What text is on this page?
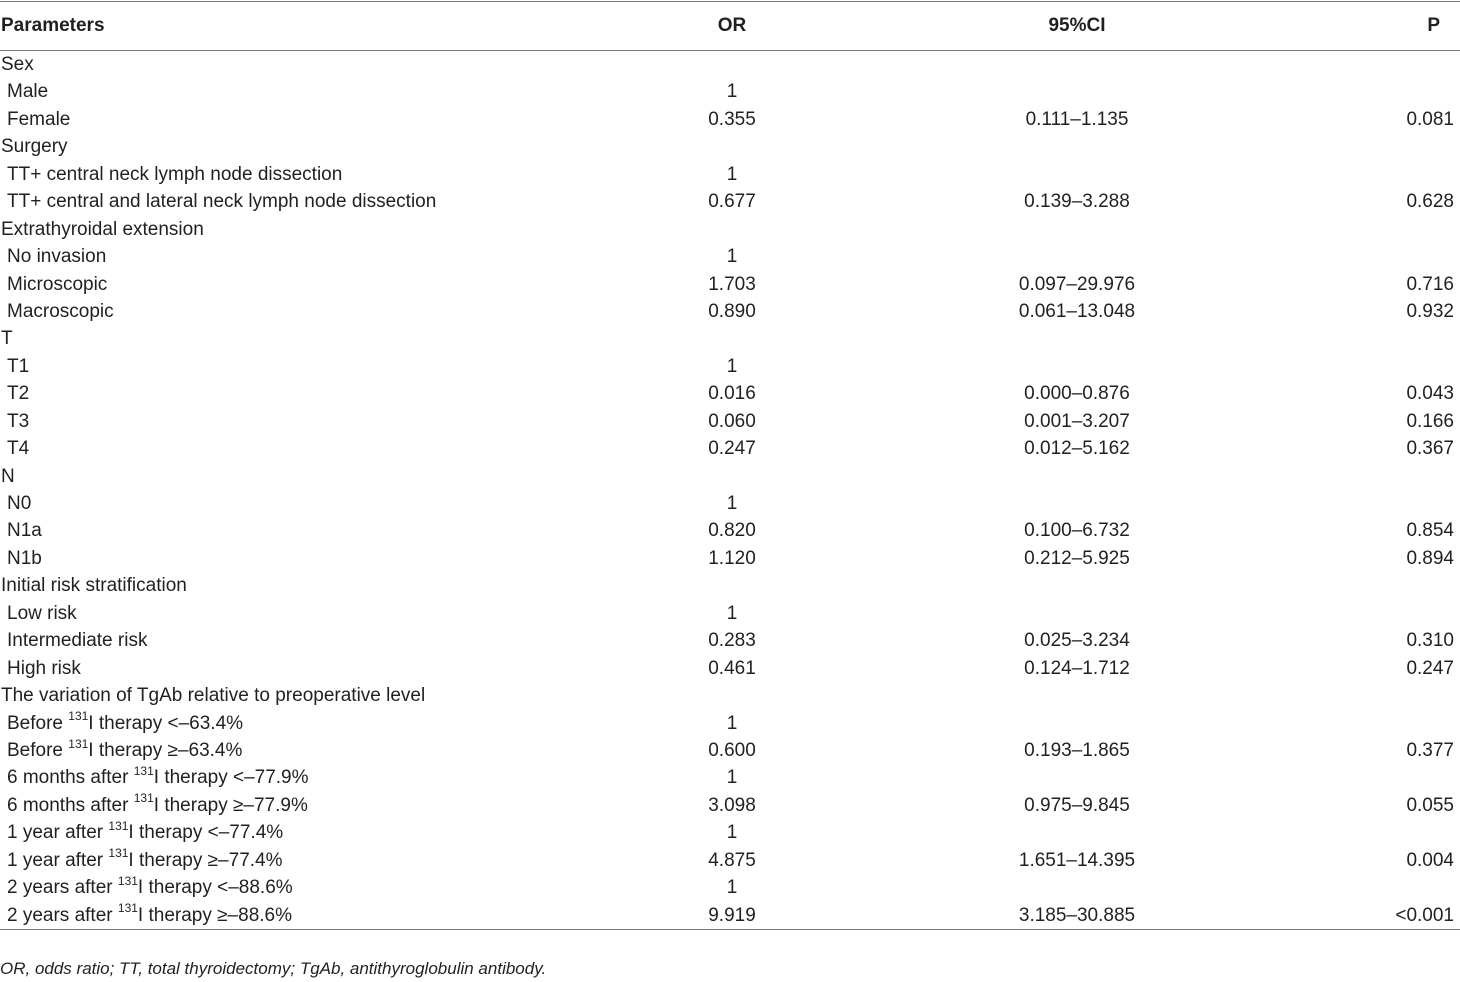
Parameters	OR	95%CI	P
Sex
Male	1
Female	0.355	0.111–1.135	0.081
Surgery
TT+ central neck lymph node dissection	1
TT+ central and lateral neck lymph node dissection	0.677	0.139–3.288	0.628
Extrathyroidal extension
No invasion	1
Microscopic	1.703	0.097–29.976	0.716
Macroscopic	0.890	0.061–13.048	0.932
T
T1	1
T2	0.016	0.000–0.876	0.043
T3	0.060	0.001–3.207	0.166
T4	0.247	0.012–5.162	0.367
N
N0	1
N1a	0.820	0.100–6.732	0.854
N1b	1.120	0.212–5.925	0.894
Initial risk stratification
Low risk	1
Intermediate risk	0.283	0.025–3.234	0.310
High risk	0.461	0.124–1.712	0.247
The variation of TgAb relative to preoperative level
Before $^{131}$I therapy <–63.4%	1
Before $^{131}$I therapy ≥–63.4%	0.600	0.193–1.865	0.377
6 months after $^{131}$I therapy <–77.9%	1
6 months after $^{131}$I therapy ≥–77.9%	3.098	0.975–9.845	0.055
1 year after $^{131}$I therapy <–77.4%	1
1 year after $^{131}$I therapy ≥–77.4%	4.875	1.651–14.395	0.004
2 years after $^{131}$I therapy <–88.6%	1
2 years after $^{131}$I therapy ≥–88.6%	9.919	3.185–30.885	<0.001
OR, odds ratio; TT, total thyroidectomy; TgAb, antithyroglobulin antibody.
